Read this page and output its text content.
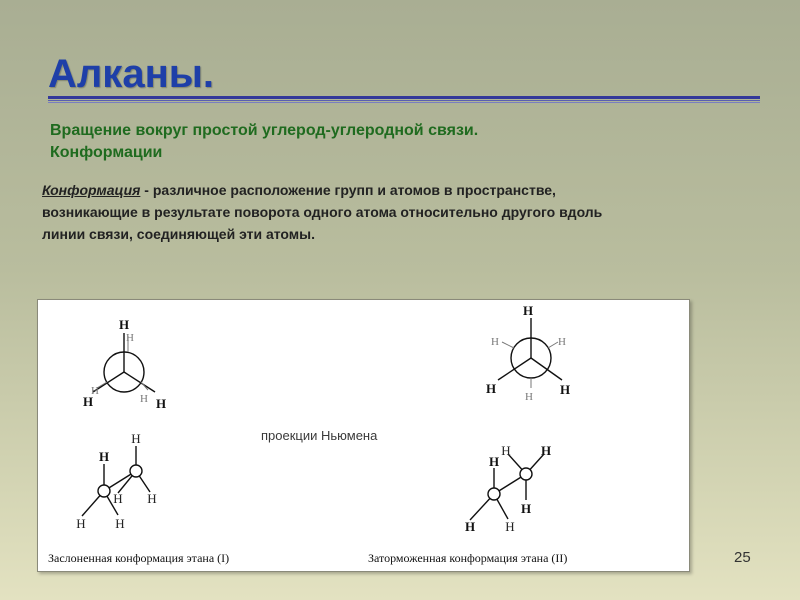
Алканы.

Вращение вокруг простой углерод-углеродной связи.
Конформации

Конформация - различное расположение групп и атомов в пространстве, возникающие в результате поворота одного атома относительно другого вдоль линии связи, соединяющей эти атомы.

H
H
H
H	H H
H
H	H
H
H H
H
H H
H
H H
H
H H
H H
H

проекции Ньюмена

Заслоненная конформация этана (I)	Заторможенная конформация этана (II)	25
